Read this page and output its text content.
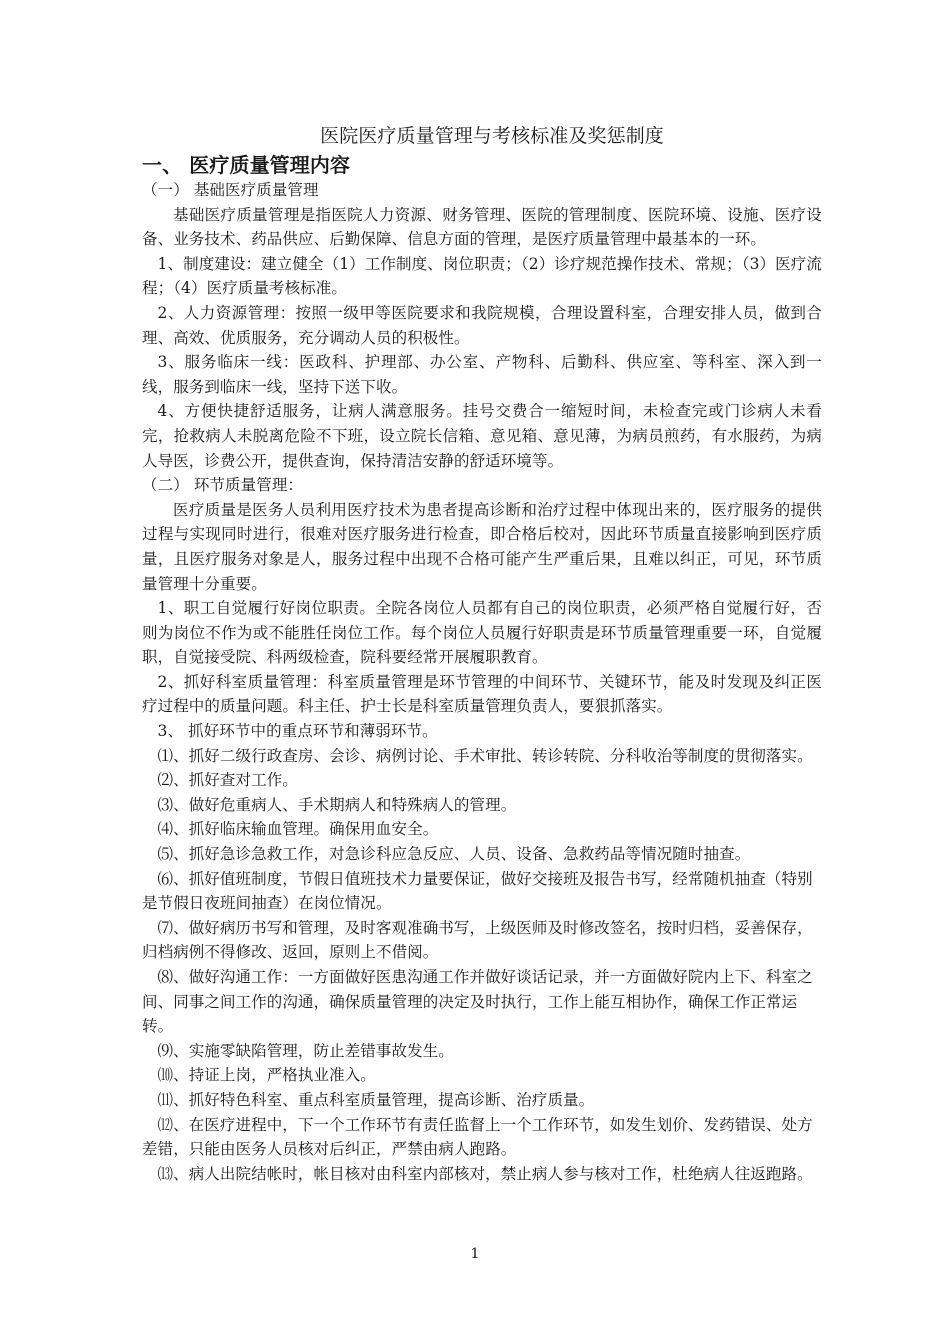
医院医疗质量管理与考核标准及奖惩制度
一、 医疗质量管理内容
（一） 基础医疗质量管理
基础医疗质量管理是指医院人力资源、财务管理、医院的管理制度、医院环境、设施、医疗设备、业务技术、药品供应、后勤保障、信息方面的管理，是医疗质量管理中最基本的一环。
1、制度建设：建立健全（1）工作制度、岗位职责；（2）诊疗规范操作技术、常规；（3）医疗流程；（4）医疗质量考核标准。
2、人力资源管理：按照一级甲等医院要求和我院规模，合理设置科室，合理安排人员，做到合理、高效、优质服务，充分调动人员的积极性。
3、服务临床一线：医政科、护理部、办公室、产物科、后勤科、供应室、等科室、深入到一线，服务到临床一线，坚持下送下收。
4、方便快捷舒适服务，让病人满意服务。挂号交费合一缩短时间，未检查完或门诊病人未看完，抢救病人未脱离危险不下班，设立院长信箱、意见箱、意见薄，为病员煎药，有水服药，为病人导医，诊费公开，提供查询，保持清洁安静的舒适环境等。
（二） 环节质量管理：
医疗质量是医务人员利用医疗技术为患者提高诊断和治疗过程中体现出来的，医疗服务的提供过程与实现同时进行，很难对医疗服务进行检查，即合格后校对，因此环节质量直接影响到医疗质量，且医疗服务对象是人，服务过程中出现不合格可能产生严重后果，且难以纠正，可见，环节质量管理十分重要。
1、职工自觉履行好岗位职责。全院各岗位人员都有自己的岗位职责，必须严格自觉履行好，否则为岗位不作为或不能胜任岗位工作。每个岗位人员履行好职责是环节质量管理重要一环，自觉履职，自觉接受院、科两级检查，院科要经常开展履职教育。
2、抓好科室质量管理：科室质量管理是环节管理的中间环节、关键环节，能及时发现及纠正医疗过程中的质量问题。科主任、护士长是科室质量管理负责人，要狠抓落实。
3、 抓好环节中的重点环节和薄弱环节。
⑴、抓好二级行政查房、会诊、病例讨论、手术审批、转诊转院、分科收治等制度的贯彻落实。
⑵、抓好查对工作。
⑶、做好危重病人、手术期病人和特殊病人的管理。
⑷、抓好临床输血管理。确保用血安全。
⑸、抓好急诊急救工作，对急诊科应急反应、人员、设备、急救药品等情况随时抽查。
⑹、抓好值班制度，节假日值班技术力量要保证，做好交接班及报告书写，经常随机抽查（特别是节假日夜班间抽查）在岗位情况。
⑺、做好病历书写和管理，及时客观准确书写，上级医师及时修改签名，按时归档，妥善保存，归档病例不得修改、返回，原则上不借阅。
⑻、做好沟通工作：一方面做好医患沟通工作并做好谈话记录，并一方面做好院内上下、科室之间、同事之间工作的沟通，确保质量管理的决定及时执行，工作上能互相协作，确保工作正常运转。
⑼、实施零缺陷管理，防止差错事故发生。
⑽、持证上岗，严格执业准入。
⑾、抓好特色科室、重点科室质量管理，提高诊断、治疗质量。
⑿、在医疗进程中，下一个工作环节有责任监督上一个工作环节，如发生划价、发药错误、处方差错，只能由医务人员核对后纠正，严禁由病人跑路。
⒀、病人出院结帐时，帐目核对由科室内部核对，禁止病人参与核对工作，杜绝病人往返跑路。
1
